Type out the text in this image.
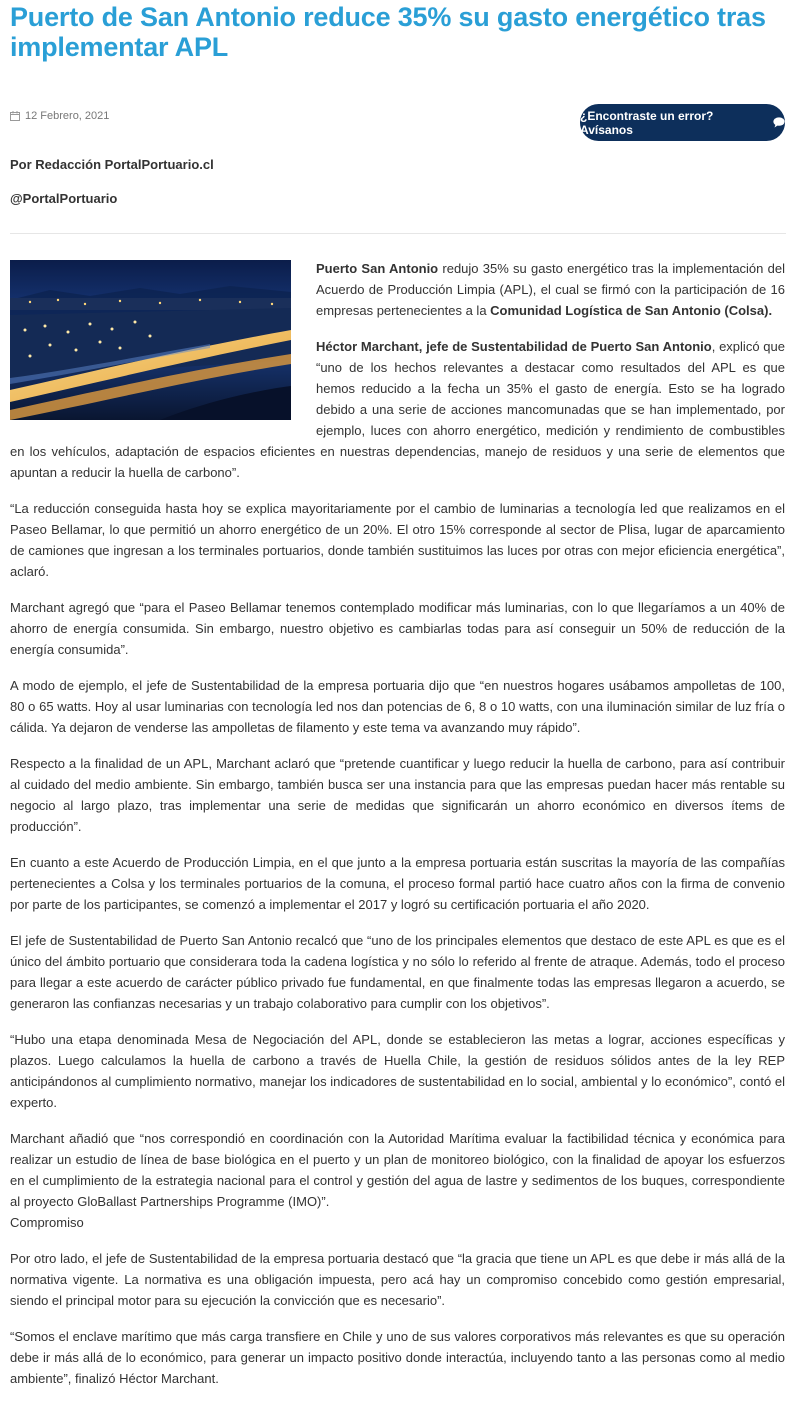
Puerto de San Antonio reduce 35% su gasto energético tras implementar APL
12 Febrero, 2021	¿Encontraste un error? Avísanos
Por Redacción PortalPortuario.cl
@PortalPortuario

Puerto San Antonio redujo 35% su gasto energético tras la implementación del Acuerdo de Producción Limpia (APL), el cual se firmó con la participación de 16 empresas pertenecientes a la Comunidad Logística de San Antonio (Colsa).

Héctor Marchant, jefe de Sustentabilidad de Puerto San Antonio, explicó que “uno de los hechos relevantes a destacar como resultados del APL es que hemos reducido a la fecha un 35% el gasto de energía. Esto se ha logrado debido a una serie de acciones mancomunadas que se han implementado, por ejemplo, luces con ahorro energético, medición y rendimiento de combustibles en los vehículos, adaptación de espacios eficientes en nuestras dependencias, manejo de residuos y una serie de elementos que apuntan a reducir la huella de carbono”.

“La reducción conseguida hasta hoy se explica mayoritariamente por el cambio de luminarias a tecnología led que realizamos en el Paseo Bellamar, lo que permitió un ahorro energético de un 20%. El otro 15% corresponde al sector de Plisa, lugar de aparcamiento de camiones que ingresan a los terminales portuarios, donde también sustituimos las luces por otras con mejor eficiencia energética”, aclaró.

Marchant agregó que “para el Paseo Bellamar tenemos contemplado modificar más luminarias, con lo que llegaríamos a un 40% de ahorro de energía consumida. Sin embargo, nuestro objetivo es cambiarlas todas para así conseguir un 50% de reducción de la energía consumida”.

A modo de ejemplo, el jefe de Sustentabilidad de la empresa portuaria dijo que “en nuestros hogares usábamos ampolletas de 100, 80 o 65 watts. Hoy al usar luminarias con tecnología led nos dan potencias de 6, 8 o 10 watts, con una iluminación similar de luz fría o cálida. Ya dejaron de venderse las ampolletas de filamento y este tema va avanzando muy rápido”.

Respecto a la finalidad de un APL, Marchant aclaró que “pretende cuantificar y luego reducir la huella de carbono, para así contribuir al cuidado del medio ambiente. Sin embargo, también busca ser una instancia para que las empresas puedan hacer más rentable su negocio al largo plazo, tras implementar una serie de medidas que significarán un ahorro económico en diversos ítems de producción”.

En cuanto a este Acuerdo de Producción Limpia, en el que junto a la empresa portuaria están suscritas la mayoría de las compañías pertenecientes a Colsa y los terminales portuarios de la comuna, el proceso formal partió hace cuatro años con la firma de convenio por parte de los participantes, se comenzó a implementar el 2017 y logró su certificación portuaria el año 2020.

El jefe de Sustentabilidad de Puerto San Antonio recalcó que “uno de los principales elementos que destaco de este APL es que es el único del ámbito portuario que considerara toda la cadena logística y no sólo lo referido al frente de atraque. Además, todo el proceso para llegar a este acuerdo de carácter público privado fue fundamental, en que finalmente todas las empresas llegaron a acuerdo, se generaron las confianzas necesarias y un trabajo colaborativo para cumplir con los objetivos”.

“Hubo una etapa denominada Mesa de Negociación del APL, donde se establecieron las metas a lograr, acciones específicas y plazos. Luego calculamos la huella de carbono a través de Huella Chile, la gestión de residuos sólidos antes de la ley REP anticipándonos al cumplimiento normativo, manejar los indicadores de sustentabilidad en lo social, ambiental y lo económico”, contó el experto.

Marchant añadió que “nos correspondió en coordinación con la Autoridad Marítima evaluar la factibilidad técnica y económica para realizar un estudio de línea de base biológica en el puerto y un plan de monitoreo biológico, con la finalidad de apoyar los esfuerzos en el cumplimiento de la estrategia nacional para el control y gestión del agua de lastre y sedimentos de los buques, correspondiente al proyecto GloBallast Partnerships Programme (IMO)”.

Compromiso

Por otro lado, el jefe de Sustentabilidad de la empresa portuaria destacó que “la gracia que tiene un APL es que debe ir más allá de la normativa vigente. La normativa es una obligación impuesta, pero acá hay un compromiso concebido como gestión empresarial, siendo el principal motor para su ejecución la convicción que es necesario”.

“Somos el enclave marítimo que más carga transfiere en Chile y uno de sus valores corporativos más relevantes es que su operación debe ir más allá de lo económico, para generar un impacto positivo donde interactúa, incluyendo tanto a las personas como al medio ambiente”, finalizó Héctor Marchant.
